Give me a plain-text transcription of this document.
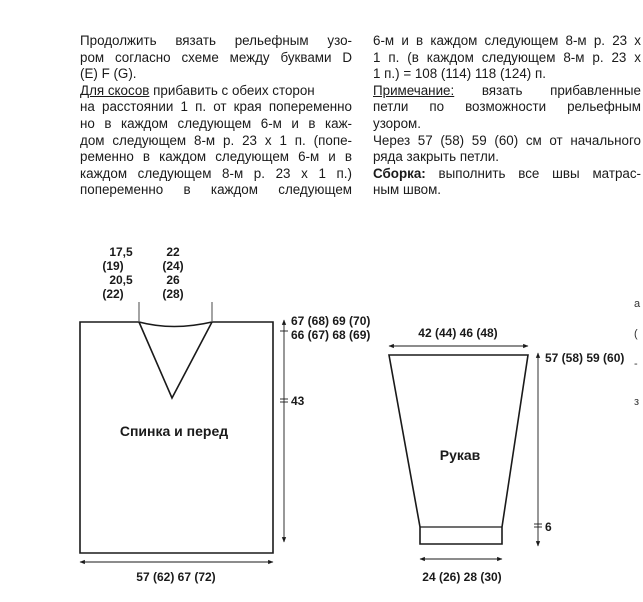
Продолжить вязать рельефным узо-
ром согласно схеме между буквами D
(E) F (G).
Для скосов прибавить с обеих сторон
на расстоянии 1 п. от края попеременно
но в каждом следующем 6-м и в каж-
дом следующем 8-м р. 23 х 1 п. (попе-
ременно в каждом следующем 6-м и в
каждом следующем 8-м р. 23 х 1 п.)
попеременно в каждом следующем
6-м и в каждом следующем 8-м р. 23 х
1 п. (в каждом следующем 8-м р. 23 х
1 п.) = 108 (114) 118 (124) п.
Примечание: вязать прибавленные
петли по возможности рельефным
узором.
Через 57 (58) 59 (60) см от начального
ряда закрыть петли.
Сборка: выполнить все швы матрас-
ным швом.
17,5
(19)
20,5
(22)
22
(24)
26
(28)
Спинка и перед
67 (68) 69 (70)
66 (67) 68 (69)
43
57 (62) 67 (72)
42 (44) 46 (48)
Рукав
57 (58) 59 (60)
6
24 (26) 28 (30)
a
(
-
з
